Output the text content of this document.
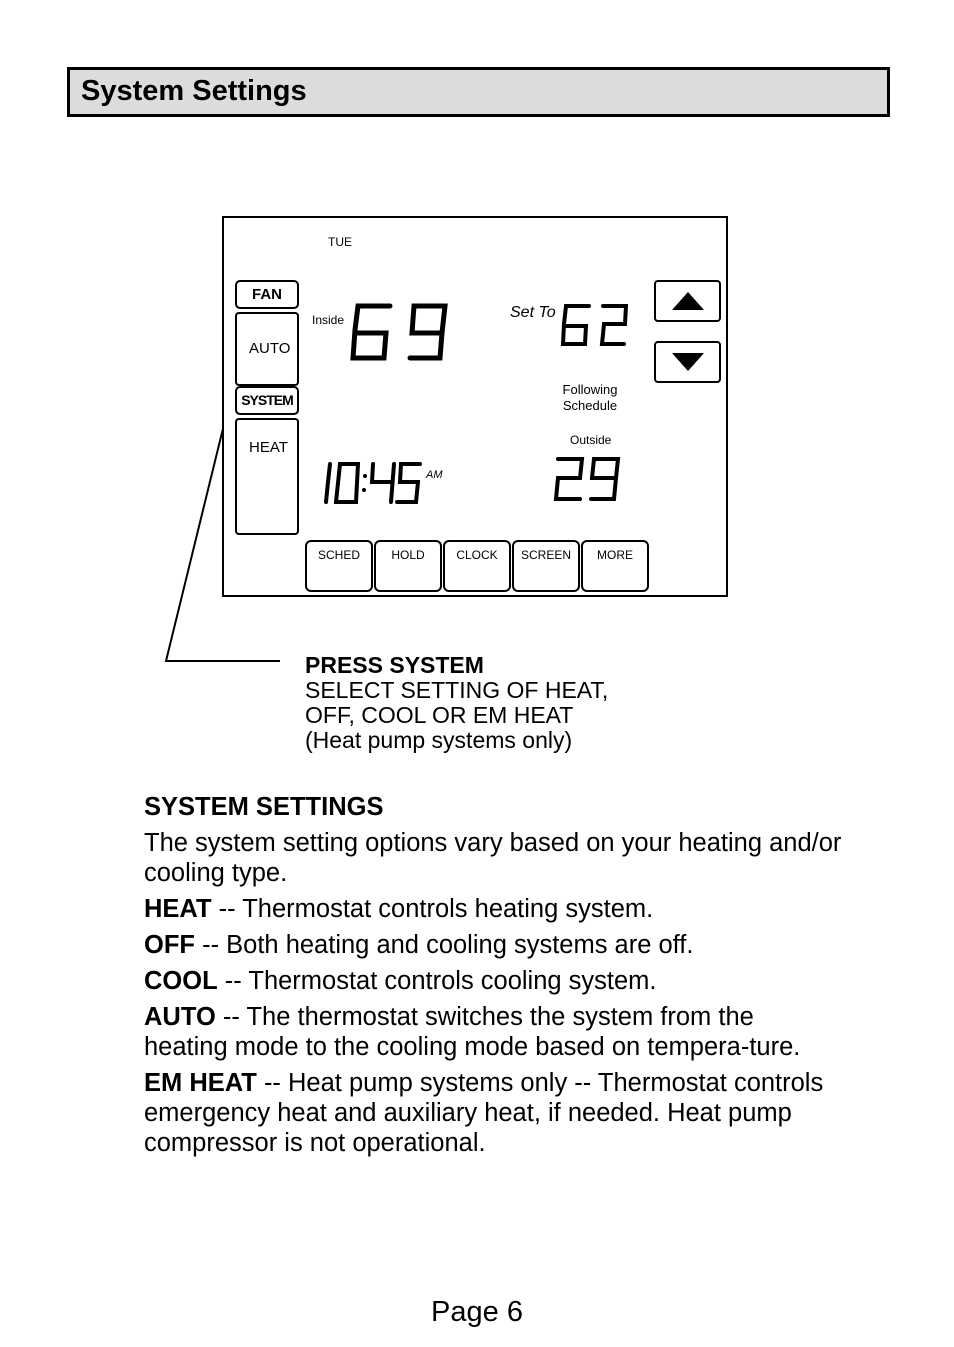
System Settings
TUE
FAN
AUTO
SYSTEM
HEAT
Inside	Set To
Following
Schedule
Outside
AM
SCHED	HOLD	CLOCK	SCREEN	MORE
PRESS SYSTEM
SELECT SETTING OF HEAT,
OFF, COOL OR EM HEAT
(Heat pump systems only)

SYSTEM SETTINGS

The system setting options vary based on your heating and/or cooling type.

HEAT -- Thermostat controls heating system.

OFF -- Both heating and cooling systems are off.

COOL -- Thermostat controls cooling system.

AUTO -- The thermostat switches the system from the heating mode to the cooling mode based on tempera-ture.

EM HEAT -- Heat pump systems only -- Thermostat controls emergency heat and auxiliary heat, if needed. Heat pump compressor is not operational.

Page 6
